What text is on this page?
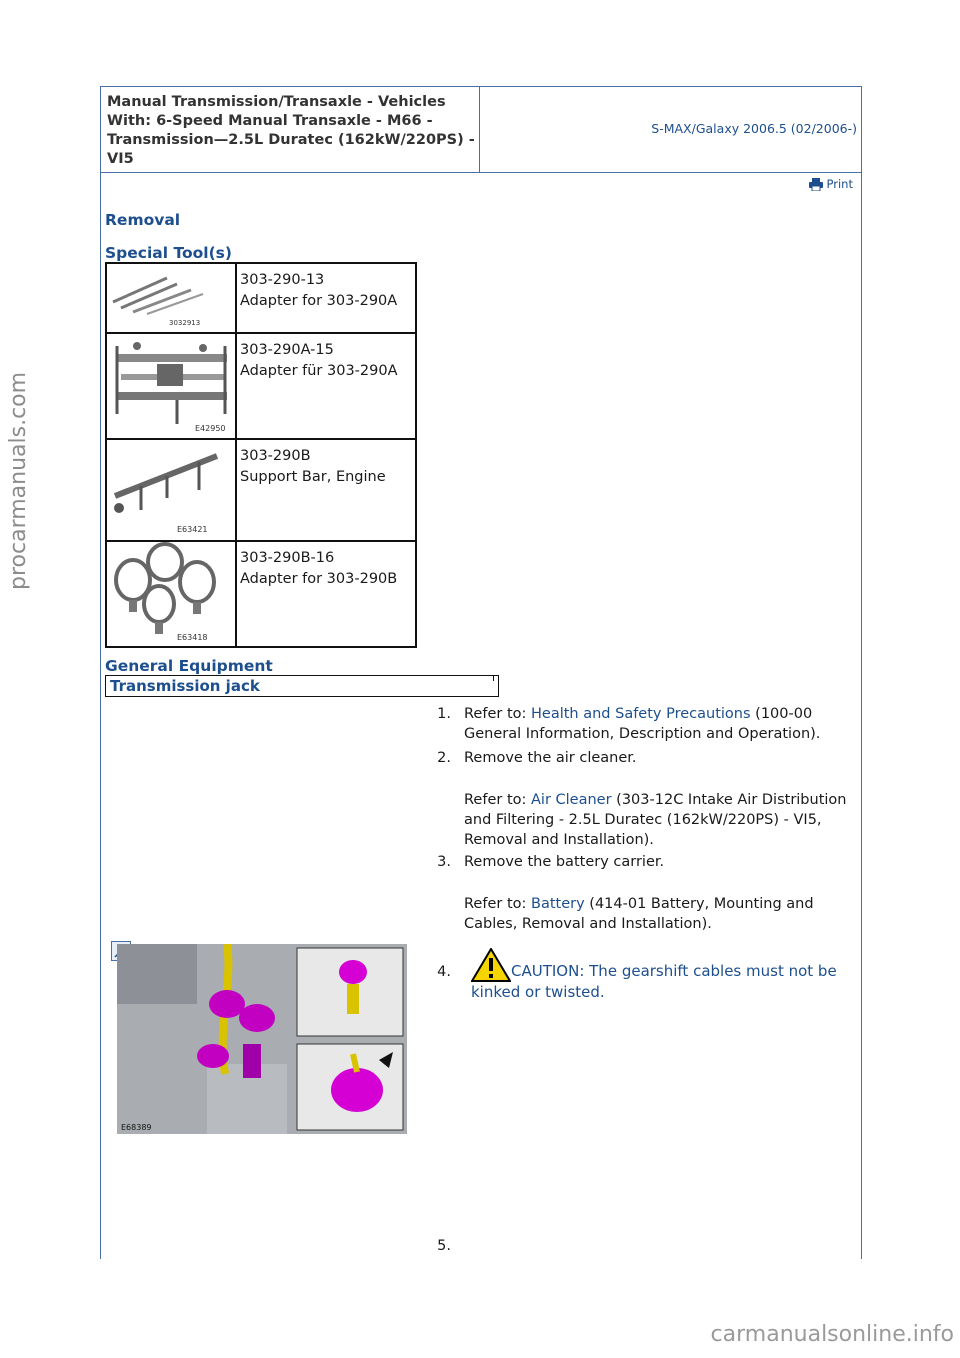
Manual Transmission/Transaxle - Vehicles With: 6-Speed Manual Transaxle - M66 - Transmission—2.5L Duratec (162kW/220PS) - VI5
S-MAX/Galaxy 2006.5 (02/2006-)
Print
Removal
Special Tool(s)
3032913
303-290-13
Adapter for 303-290A
E42950
303-290A-15
Adapter für 303-290A
E63421
303-290B
Support Bar, Engine
E63418
303-290B-16
Adapter for 303-290B
General Equipment
Transmission jack
1. Refer to: Health and Safety Precautions (100-00 General Information, Description and Operation).
2. Remove the air cleaner.
Refer to: Air Cleaner (303-12C Intake Air Distribution and Filtering - 2.5L Duratec (162kW/220PS) - VI5, Removal and Installation).
3. Remove the battery carrier.
Refer to: Battery (414-01 Battery, Mounting and Cables, Removal and Installation).
4.	CAUTION: The gearshift cables must not be kinked or twisted.
5.
E68389
procarmanuals.com
carmanualsonline.info
